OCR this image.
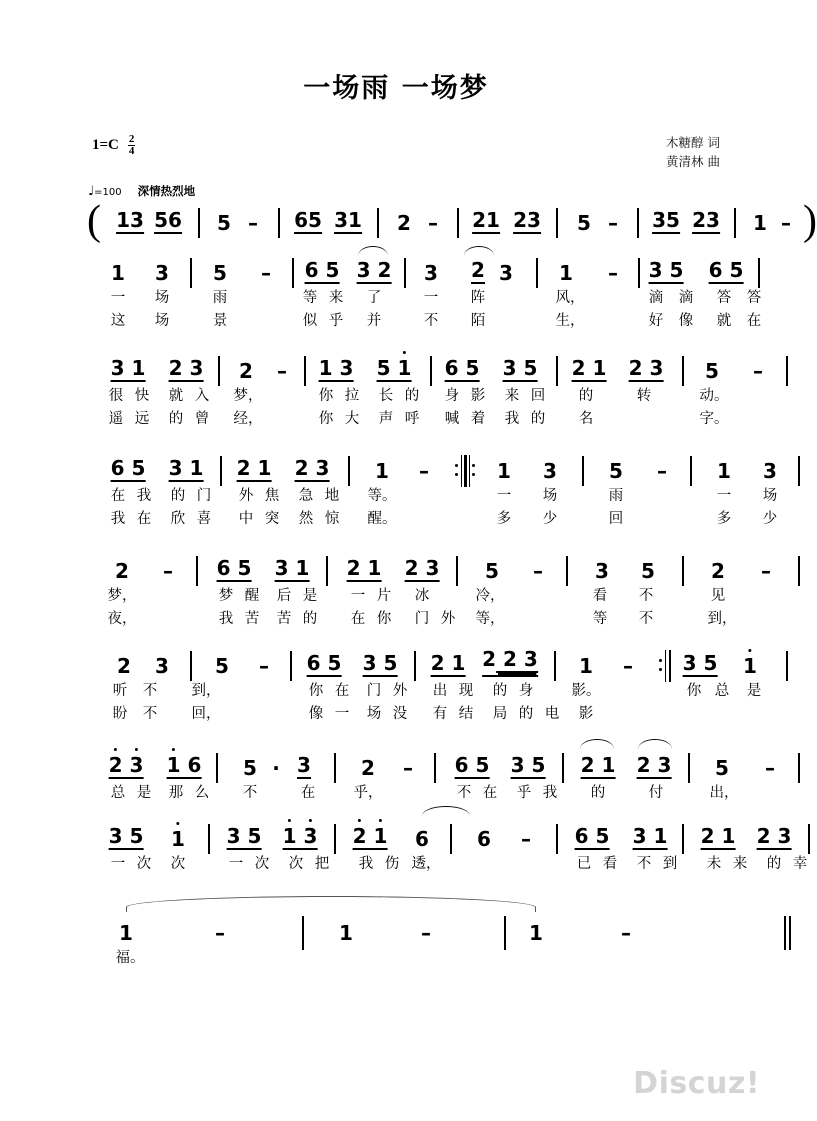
一场雨 一场梦
$1=C \frac{2}{4}$	木糖醇 词
黄清林 曲
♩=100 深情热烈地
( 13 56 5 – 65 31 2 – 21 23 5 – 35 23 1 – )
1 3 5 – 6 5 3 2 3 2 3 1 – 3 5 6 5
一 场	雨	等 来 了	一 阵	风，	滴 滴 答 答
这 场	景	似 乎 并	不 陌	生，	好 像 就 在
3 1 2 3 2 – 1 3 5 1 6 5 3 5 2 1 2 3 5 –
很 快 就 入 梦，	你 拉 长 的 身 影 来 回 的	转	动。
遥 远 的 曾 经，	你 大 声 呼 喊 着 我 的 名	字。
6 5 3 1 2 1 2 3 1 –	1 3	5 –	1 3
在 我 的 门 外 焦 急 地 等。	一 场	雨	一 场
我 在 欣 喜 中 突 然 惊 醒。	多 少	回	多 少
2 – 6 5 3 1 2 1 2 3 5 –	3 5	2 –
梦，	梦 醒 后 是 一 片 冰	冷，	看 不	见
夜，	我 苦 苦 的 在 你 门 外 等，	等 不	到，
2 3 5 – 6 5 3 5 2 1 2 2 3 1 – 3 5 1
听 不 到，	你 在 门 外 出 现 的 身	影。	你 总 是
盼 不 回，	像 一 场 没 有 结 局 的 电 影
2 3 1 6 5 · 3	2 – 6 5 3 5 2 1 2 3 5 –
总 是 那 么 不	在	乎，	不 在 乎 我 的	付	出，
3 5 1 3 5 1 3 2 1 6 6 – 6 5 3 1 2 1 2 3
一 次 次	一 次 次 把 我 伤 透，	已 看 不 到 未 来 的 幸
1	–	1	–	1	–
福。
Discuz!
